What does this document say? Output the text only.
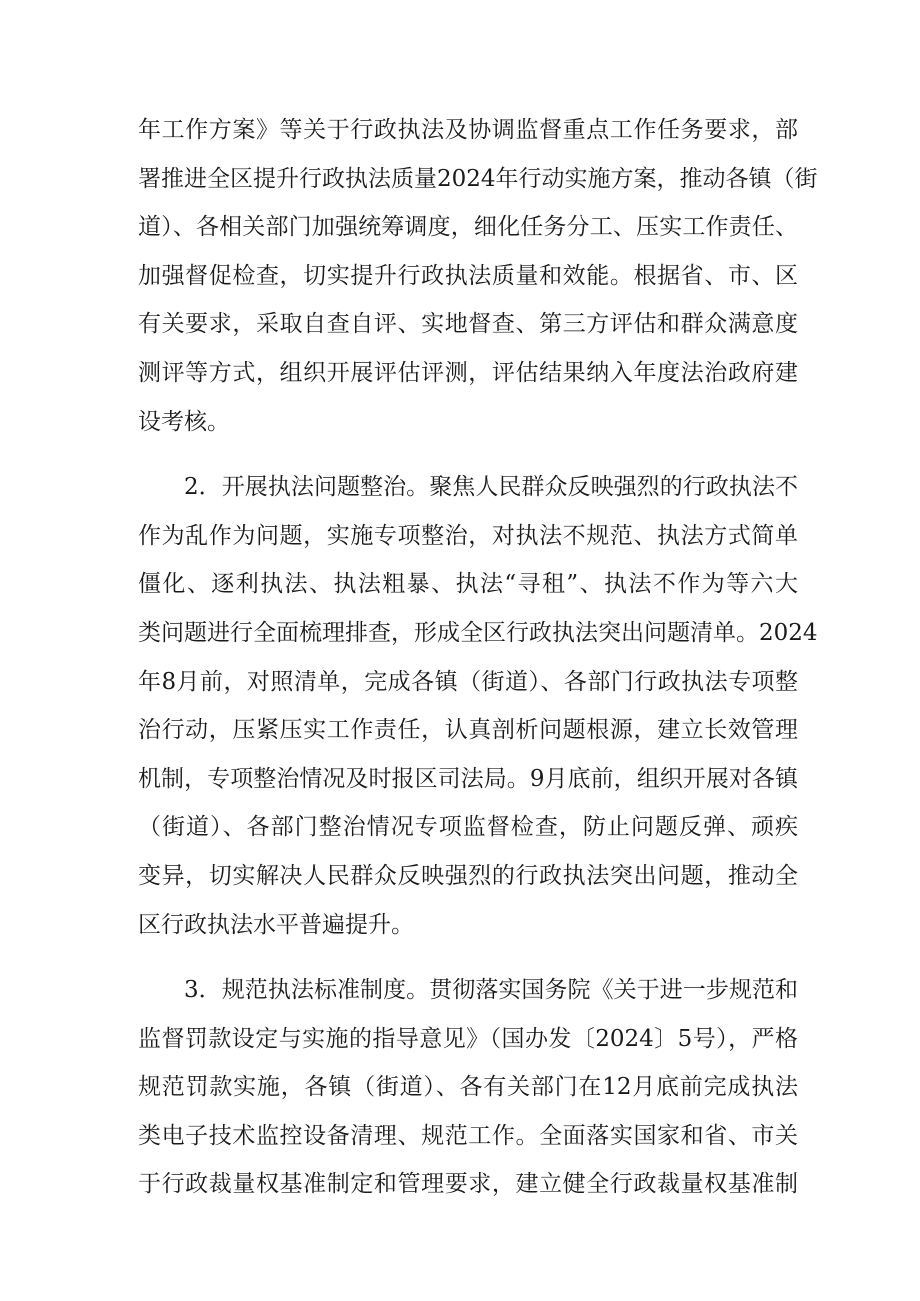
年工作方案》等关于行政执法及协调监督重点工作任务要求，部
署推进全区提升行政执法质量2024年行动实施方案，推动各镇（街
道）、各相关部门加强统筹调度，细化任务分工、压实工作责任、
加强督促检查，切实提升行政执法质量和效能。根据省、市、区
有关要求，采取自查自评、实地督查、第三方评估和群众满意度
测评等方式，组织开展评估评测，评估结果纳入年度法治政府建
设考核。
2．开展执法问题整治。聚焦人民群众反映强烈的行政执法不
作为乱作为问题，实施专项整治，对执法不规范、执法方式简单
僵化、逐利执法、执法粗暴、执法“寻租”、执法不作为等六大
类问题进行全面梳理排查，形成全区行政执法突出问题清单。2024
年8月前，对照清单，完成各镇（街道）、各部门行政执法专项整
治行动，压紧压实工作责任，认真剖析问题根源，建立长效管理
机制，专项整治情况及时报区司法局。9月底前，组织开展对各镇
（街道）、各部门整治情况专项监督检查，防止问题反弹、顽疾
变异，切实解决人民群众反映强烈的行政执法突出问题，推动全
区行政执法水平普遍提升。
3．规范执法标准制度。贯彻落实国务院《关于进一步规范和
监督罚款设定与实施的指导意见》（国办发〔2024〕5号），严格
规范罚款实施，各镇（街道）、各有关部门在12月底前完成执法
类电子技术监控设备清理、规范工作。全面落实国家和省、市关
于行政裁量权基准制定和管理要求，建立健全行政裁量权基准制
